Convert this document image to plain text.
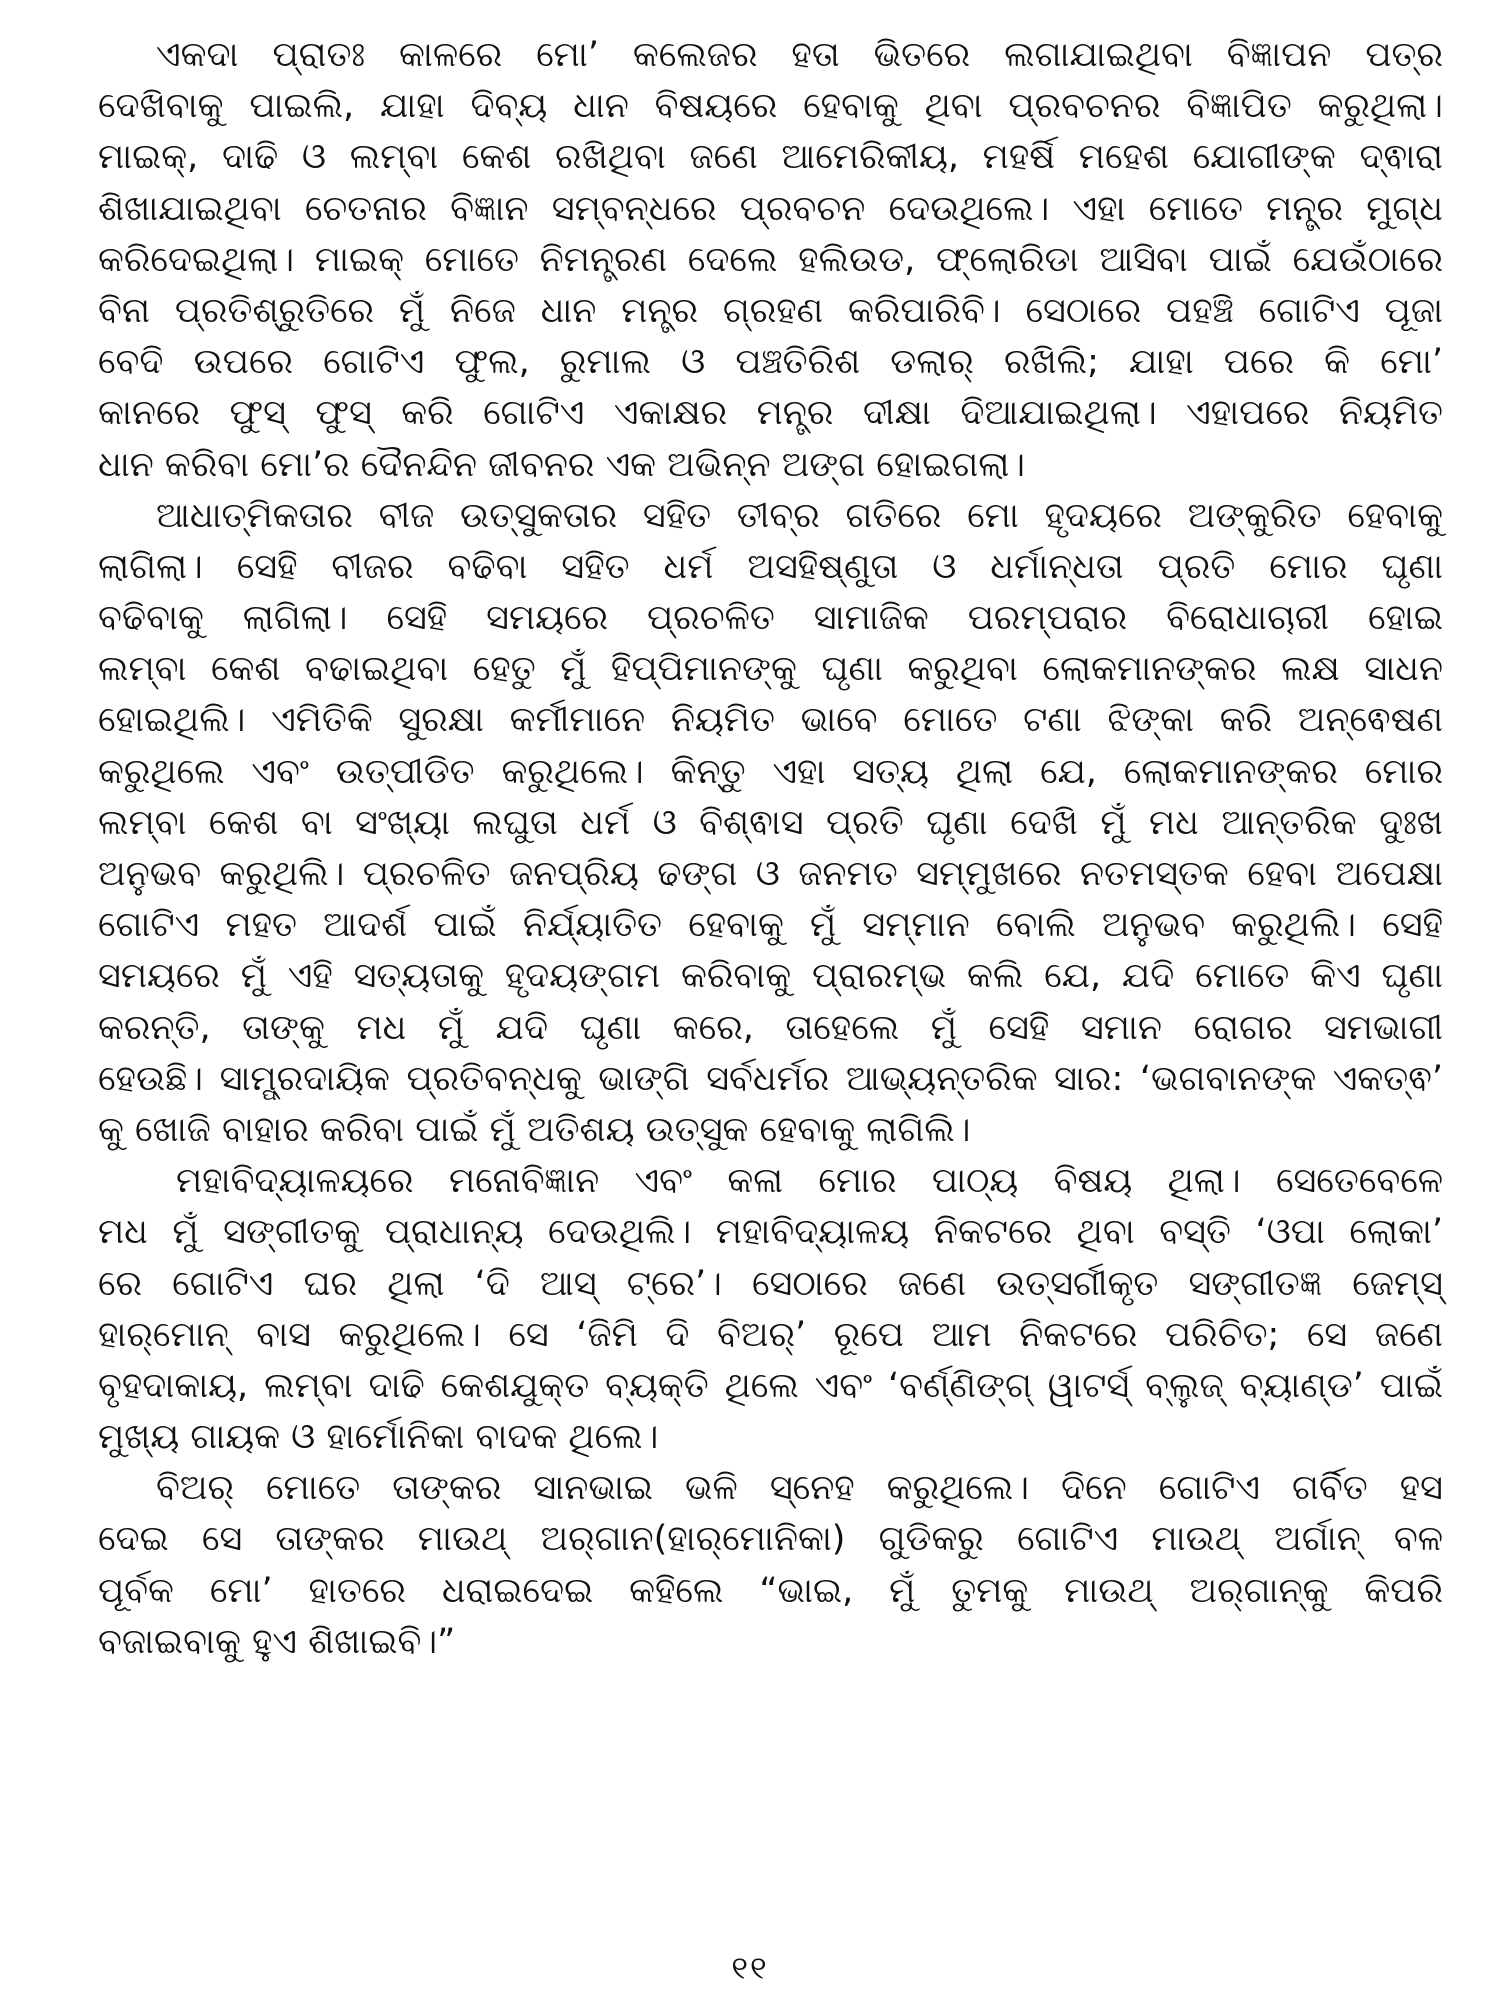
ଏକଦା ପ୍ରାତଃ କାଳରେ ମୋ’ କଲେଜର ହତା ଭିତରେ ଲଗାଯାଇଥିବା ବିଜ୍ଞାପନ ପତ୍ର
ଦେଖିବାକୁ ପାଇଲି, ଯାହା ଦିବ୍ୟ ଧାନ ବିଷୟରେ ହେବାକୁ ଥିବା ପ୍ରବଚନର ବିଜ୍ଞାପିତ କରୁଥିଲା।
ମାଇକ୍, ଦାଢି ଓ ଲମ୍ବା କେଶ ରଖିଥିବା ଜଣେ ଆମେରିକୀୟ, ମହର୍ଷି ମହେଶ ଯୋଗୀଙ୍କ ଦ୍ଵାରା
ଶିଖାଯାଇଥିବା ଚେତନାର ବିଜ୍ଞାନ ସମ୍ବନ୍ଧରେ ପ୍ରବଚନ ଦେଉଥିଲେ। ଏହା ମୋତେ ମନ୍ତ୍ର ମୁଗ୍ଧ
କରିଦେଇଥିଲା। ମାଇକ୍ ମୋତେ ନିମନ୍ତ୍ରଣ ଦେଲେ ହଲିଉଡ, ଫ୍ଲୋରିଡା ଆସିବା ପାଇଁ ଯେଉଁଠାରେ
ବିନା ପ୍ରତିଶ୍ରୁତିରେ ମୁଁ ନିଜେ ଧାନ ମନ୍ତ୍ର ଗ୍ରହଣ କରିପାରିବି। ସେଠାରେ ପହଞ୍ଚି ଗୋଟିଏ ପୂଜା
ବେଦି ଉପରେ ଗୋଟିଏ ଫୁଲ, ରୁମାଲ ଓ ପଞ୍ଚତିରିଶ ଡଲାର୍ ରଖିଲି; ଯାହା ପରେ କି ମୋ’
କାନରେ ଫୁସ୍ ଫୁସ୍ କରି ଗୋଟିଏ ଏକାକ୍ଷର ମନ୍ତ୍ର ଦୀକ୍ଷା ଦିଆଯାଇଥିଲା। ଏହାପରେ ନିୟମିତ
ଧାନ କରିବା ମୋ’ର ଦୈନନ୍ଦିନ ଜୀବନର ଏକ ଅଭିନ୍ନ ଅଙ୍ଗ ହୋଇଗଲା।
ଆଧାତ୍ମିକତାର ବୀଜ ଉତ୍ସୁକତାର ସହିତ ତୀବ୍ର ଗତିରେ ମୋ ହୃଦୟରେ ଅଙ୍କୁରିତ ହେବାକୁ
ଲାଗିଲା। ସେହି ବୀଜର ବଢିବା ସହିତ ଧର୍ମ ଅସହିଷ୍ଣୁତା ଓ ଧର୍ମାନ୍ଧତା ପ୍ରତି ମୋର ଘୃଣା
ବଢିବାକୁ ଲାଗିଲା। ସେହି ସମୟରେ ପ୍ରଚଳିତ ସାମାଜିକ ପରମ୍ପରାର ବିରୋଧାଚାରୀ ହୋଇ
ଲମ୍ବା କେଶ ବଢାଇଥିବା ହେତୁ ମୁଁ ହିପ୍ପିମାନଙ୍କୁ ଘୃଣା କରୁଥିବା ଲୋକମାନଙ୍କର ଲକ୍ଷ ସାଧନ
ହୋଇଥିଲି। ଏମିତିକି ସୁରକ୍ଷା କର୍ମୀମାନେ ନିୟମିତ ଭାବେ ମୋତେ ଟଣା ଝିଙ୍କା କରି ଅନ୍ଵେଷଣ
କରୁଥିଲେ ଏବଂ ଉତ୍ପୀଡିତ କରୁଥିଲେ। କିନ୍ତୁ ଏହା ସତ୍ୟ ଥିଲା ଯେ, ଲୋକମାନଙ୍କର ମୋର
ଲମ୍ବା କେଶ ବା ସଂଖ୍ୟା ଲଘୁତା ଧର୍ମ ଓ ବିଶ୍ଵାସ ପ୍ରତି ଘୃଣା ଦେଖି ମୁଁ ମଧ ଆନ୍ତରିକ ଦୁଃଖ
ଅନୁଭବ କରୁଥିଲି। ପ୍ରଚଳିତ ଜନପ୍ରିୟ ଢଙ୍ଗ ଓ ଜନମତ ସମ୍ମୁଖରେ ନତମସ୍ତକ ହେବା ଅପେକ୍ଷା
ଗୋଟିଏ ମହତ ଆଦର୍ଶ ପାଇଁ ନିର୍ଯ୍ୟାତିତ ହେବାକୁ ମୁଁ ସମ୍ମାନ ବୋଲି ଅନୁଭବ କରୁଥିଲି। ସେହି
ସମୟରେ ମୁଁ ଏହି ସତ୍ୟତାକୁ ହୃଦୟଙ୍ଗମ କରିବାକୁ ପ୍ରାରମ୍ଭ କଲି ଯେ, ଯଦି ମୋତେ କିଏ ଘୃଣା
କରନ୍ତି, ତାଙ୍କୁ ମଧ ମୁଁ ଯଦି ଘୃଣା କରେ, ତାହେଲେ ମୁଁ ସେହି ସମାନ ରୋଗର ସମଭାଗୀ
ହେଉଛି। ସାମ୍ପ୍ରଦାୟିକ ପ୍ରତିବନ୍ଧକୁ ଭାଙ୍ଗି ସର୍ବଧର୍ମର ଆଭ୍ୟନ୍ତରିକ ସାର: ‘ଭଗବାନଙ୍କ ଏକତ୍ଵ’
କୁ ଖୋଜି ବାହାର କରିବା ପାଇଁ ମୁଁ ଅତିଶୟ ଉତ୍ସୁକ ହେବାକୁ ଲାଗିଲି।
ମହାବିଦ୍ୟାଳୟରେ ମନୋବିଜ୍ଞାନ ଏବଂ କଳା ମୋର ପାଠ୍ୟ ବିଷୟ ଥିଲା। ସେତେବେଳେ
ମଧ ମୁଁ ସଙ୍ଗୀତକୁ ପ୍ରାଧାନ୍ୟ ଦେଉଥିଲି। ମହାବିଦ୍ୟାଳୟ ନିକଟରେ ଥିବା ବସ୍ତି ‘ଓପା ଲୋକା’
ରେ ଗୋଟିଏ ଘର ଥିଲା ‘ଦି ଆସ୍ ଟ୍ରେ’। ସେଠାରେ ଜଣେ ଉତ୍ସର୍ଗୀକୃତ ସଙ୍ଗୀତଜ୍ଞ ଜେମ୍ସ୍
ହାର୍‌ମୋନ୍ ବାସ କରୁଥିଲେ। ସେ ‘ଜିମି ଦି ବିଅର୍’ ରୂପେ ଆମ ନିକଟରେ ପରିଚିତ; ସେ ଜଣେ
ବୃହଦାକାୟ, ଲମ୍ବା ଦାଢି କେଶଯୁକ୍ତ ବ୍ୟକ୍ତି ଥିଲେ ଏବଂ ‘ବର୍ଣ୍ଣିଙ୍ଗ୍ ୱାଟର୍ସ୍ ବ୍ଲୁଜ୍ ବ୍ୟାଣ୍ଡ’ ପାଇଁ
ମୁଖ୍ୟ ଗାୟକ ଓ ହାର୍ମୋନିକା ବାଦକ ଥିଲେ।
ବିଅର୍ ମୋତେ ତାଙ୍କର ସାନଭାଇ ଭଳି ସ୍ନେହ କରୁଥିଲେ। ଦିନେ ଗୋଟିଏ ଗର୍ବିତ ହସ
ଦେଇ ସେ ତାଙ୍କର ମାଉଥ୍ ଅର୍‌ଗାନ(ହାର୍‌ମୋନିକା) ଗୁଡିକରୁ ଗୋଟିଏ ମାଉଥ୍ ଅର୍ଗାନ୍ ବଳ
ପୂର୍ବକ ମୋ’ ହାତରେ ଧରାଇଦେଇ କହିଲେ “ଭାଇ, ମୁଁ ତୁମକୁ ମାଉଥ୍ ଅର୍‌ଗାନ୍‌କୁ କିପରି
ବଜାଇବାକୁ ହୁଏ ଶିଖାଇବି।”
୧୧
